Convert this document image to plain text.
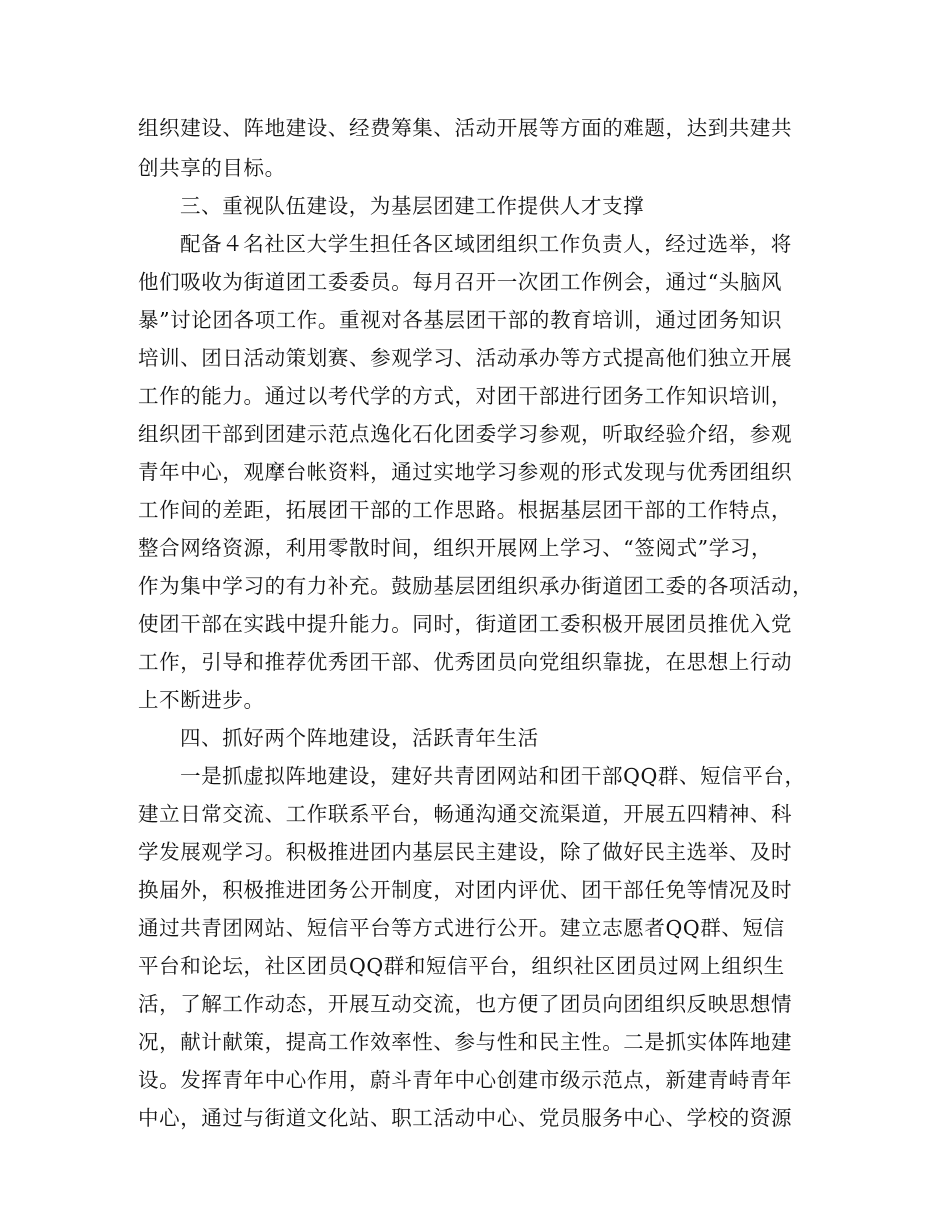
组织建设、阵地建设、经费筹集、活动开展等方面的难题，达到共建共
创共享的目标。
三、重视队伍建设，为基层团建工作提供人才支撑
配备４名社区大学生担任各区域团组织工作负责人，经过选举，将
他们吸收为街道团工委委员。每月召开一次团工作例会，通过“头脑风
暴”讨论团各项工作。重视对各基层团干部的教育培训，通过团务知识
培训、团日活动策划赛、参观学习、活动承办等方式提高他们独立开展
工作的能力。通过以考代学的方式，对团干部进行团务工作知识培训，
组织团干部到团建示范点逸化石化团委学习参观，听取经验介绍，参观
青年中心，观摩台帐资料，通过实地学习参观的形式发现与优秀团组织
工作间的差距，拓展团干部的工作思路。根据基层团干部的工作特点，
整合网络资源，利用零散时间，组织开展网上学习、“签阅式”学习，
作为集中学习的有力补充。鼓励基层团组织承办街道团工委的各项活动，
使团干部在实践中提升能力。同时，街道团工委积极开展团员推优入党
工作，引导和推荐优秀团干部、优秀团员向党组织靠拢，在思想上行动
上不断进步。
四、抓好两个阵地建设，活跃青年生活
一是抓虚拟阵地建设，建好共青团网站和团干部QQ群、短信平台，
建立日常交流、工作联系平台，畅通沟通交流渠道，开展五四精神、科
学发展观学习。积极推进团内基层民主建设，除了做好民主选举、及时
换届外，积极推进团务公开制度，对团内评优、团干部任免等情况及时
通过共青团网站、短信平台等方式进行公开。建立志愿者QQ群、短信
平台和论坛，社区团员QQ群和短信平台，组织社区团员过网上组织生
活，了解工作动态，开展互动交流，也方便了团员向团组织反映思想情
况，献计献策，提高工作效率性、参与性和民主性。二是抓实体阵地建
设。发挥青年中心作用，蔚斗青年中心创建市级示范点，新建青峙青年
中心，通过与街道文化站、职工活动中心、党员服务中心、学校的资源
